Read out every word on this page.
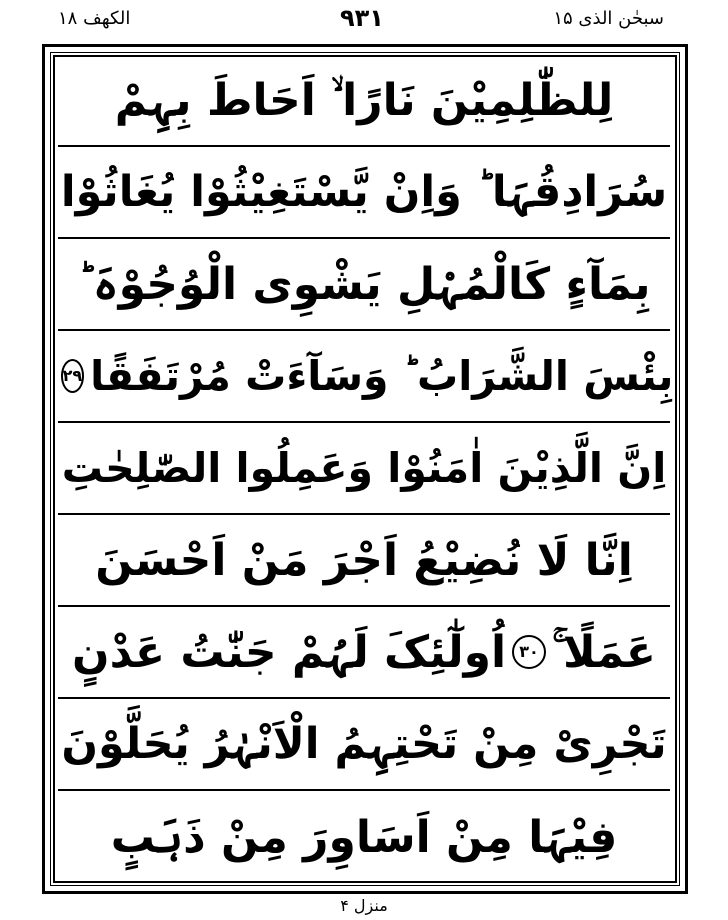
الکھف ۱۸	۹۳۱	سبحٰن الذی ۱۵
لِلظّٰلِمِیْنَ نَارًا ۙ اَحَاطَ بِہِمْ
سُرَادِقُہَا ؕ وَاِنْ یَّسْتَغِیْثُوْا یُغَاثُوْا
بِمَآءٍ کَالْمُہْلِ یَشْوِی الْوُجُوْہَ ؕ
بِئْسَ الشَّرَابُ ؕ وَسَآءَتْ مُرْتَفَقًا
۲۹
اِنَّ الَّذِیْنَ اٰمَنُوْا وَعَمِلُوا الصّٰلِحٰتِ
اِنَّا لَا نُضِیْعُ اَجْرَ مَنْ اَحْسَنَ
عَمَلًا ۚ
۳۰
اُولٰٓئِکَ لَہُمْ جَنّٰتُ عَدْنٍ
تَجْرِیْ مِنْ تَحْتِہِمُ الْاَنْہٰرُ یُحَلَّوْنَ
فِیْہَا مِنْ اَسَاوِرَ مِنْ ذَہَبٍ
منزل ۴
